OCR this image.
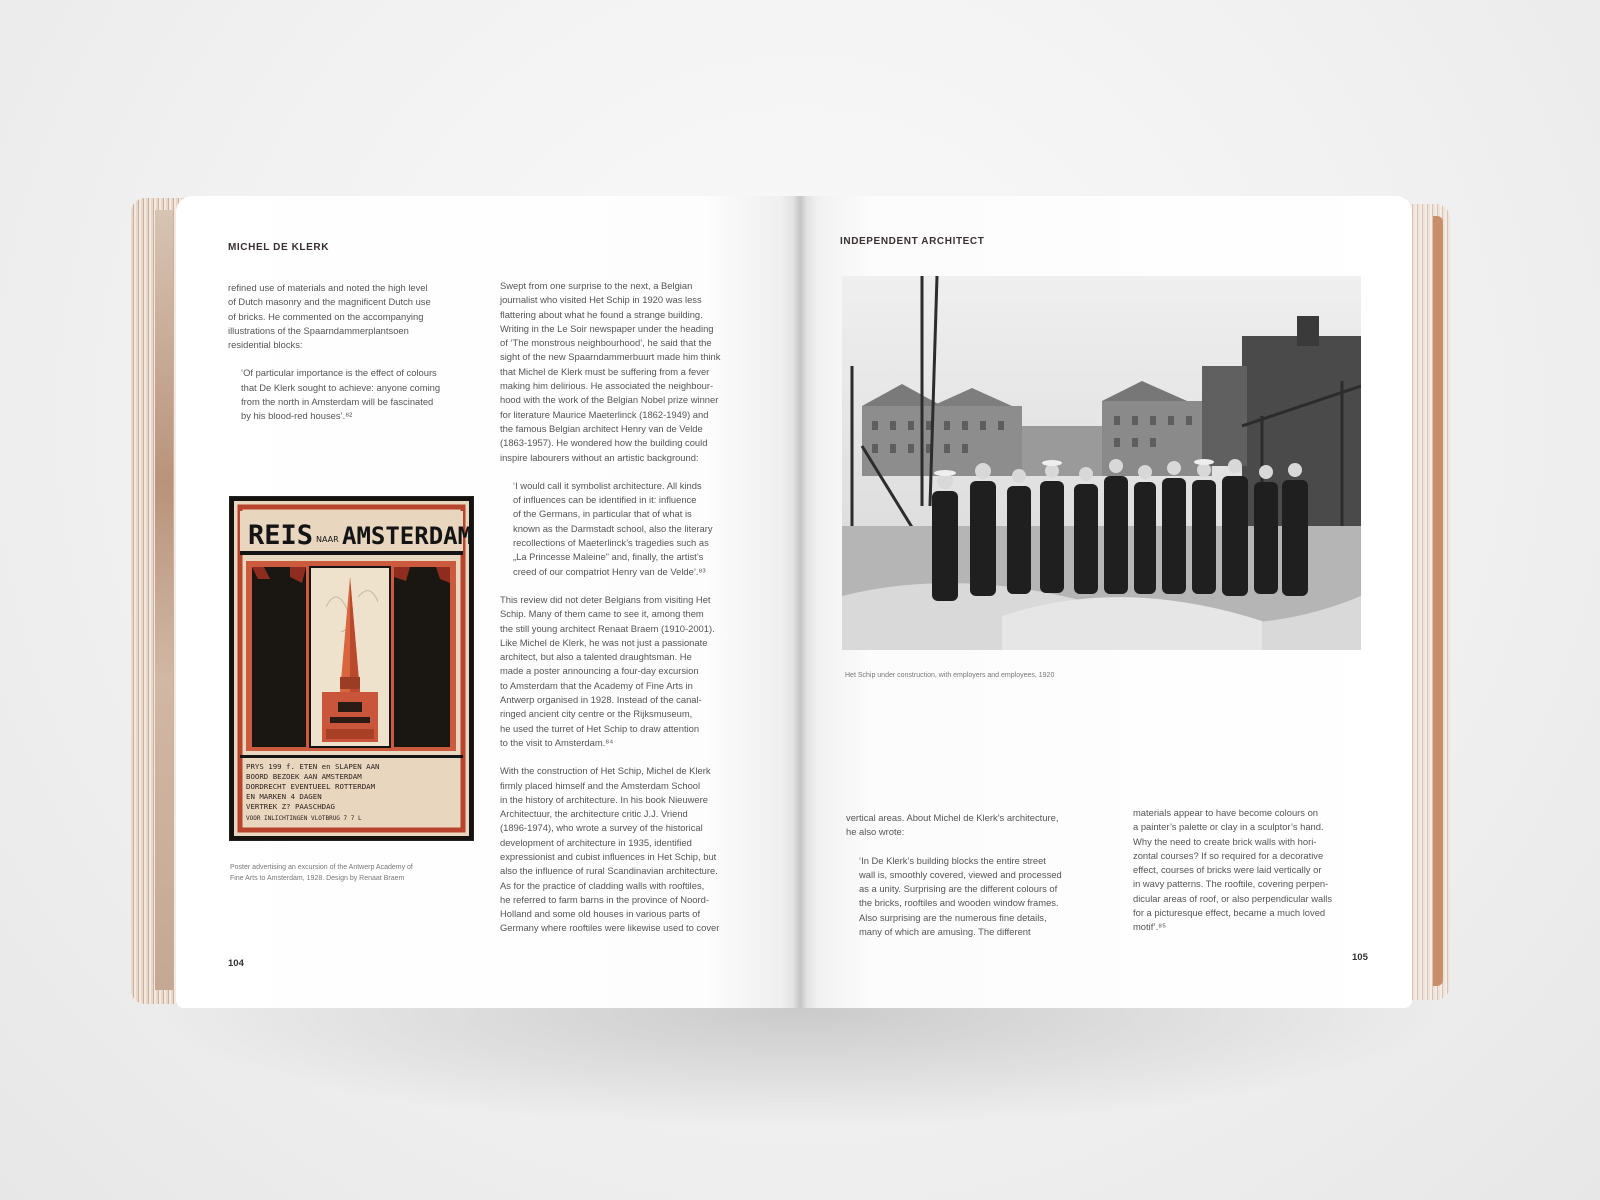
MICHEL DE KLERK

refined use of materials and noted the high level

of Dutch masonry and the magnificent Dutch use

of bricks. He commented on the accompanying

illustrations of the Spaarndammerplantsoen

residential blocks:

‘Of particular importance is the effect of colours

that De Klerk sought to achieve: anyone coming

from the north in Amsterdam will be fascinated

by his blood-red houses’.⁸²

REIS NAAR AMSTERDAM
PRYS 199 f. ETEN en SLAPEN AAN
BOORD BEZOEK AAN AMSTERDAM
DORDRECHT EVENTUEEL ROTTERDAM
EN MARKEN 4 DAGEN
VERTREK Z? PAASCHDAG
VOOR INLICHTINGEN VLOTBRUG 7 7 L
Poster advertising an excursion of the Antwerp Academy of
Fine Arts to Amsterdam, 1928. Design by Renaat Braem
104

Swept from one surprise to the next, a Belgian

journalist who visited Het Schip in 1920 was less

flattering about what he found a strange building.

Writing in the Le Soir newspaper under the heading

of ‘The monstrous neighbourhood’, he said that the

sight of the new Spaarndammerbuurt made him think

that Michel de Klerk must be suffering from a fever

making him delirious. He associated the neighbour-

hood with the work of the Belgian Nobel prize winner

for literature Maurice Maeterlinck (1862-1949) and

the famous Belgian architect Henry van de Velde

(1863-1957). He wondered how the building could

inspire labourers without an artistic background:

‘I would call it symbolist architecture. All kinds

of influences can be identified in it: influence

of the Germans, in particular that of what is

known as the Darmstadt school, also the literary

recollections of Maeterlinck’s tragedies such as

„La Princesse Maleine” and, finally, the artist’s

creed of our compatriot Henry van de Velde’.⁸³

This review did not deter Belgians from visiting Het

Schip. Many of them came to see it, among them

the still young architect Renaat Braem (1910-2001).

Like Michel de Klerk, he was not just a passionate

architect, but also a talented draughtsman. He

made a poster announcing a four-day excursion

to Amsterdam that the Academy of Fine Arts in

Antwerp organised in 1928. Instead of the canal-

ringed ancient city centre or the Rijksmuseum,

he used the turret of Het Schip to draw attention

to the visit to Amsterdam.⁸⁴

With the construction of Het Schip, Michel de Klerk

firmly placed himself and the Amsterdam School

in the history of architecture. In his book Nieuwere

Architectuur, the architecture critic J.J. Vriend

(1896-1974), who wrote a survey of the historical

development of architecture in 1935, identified

expressionist and cubist influences in Het Schip, but

also the influence of rural Scandinavian architecture.

As for the practice of cladding walls with rooftiles,

he referred to farm barns in the province of Noord-

Holland and some old houses in various parts of

Germany where rooftiles were likewise used to cover

INDEPENDENT ARCHITECT
Het Schip under construction, with employers and employees, 1920

vertical areas. About Michel de Klerk’s architecture,

he also wrote:

‘In De Klerk’s building blocks the entire street

wall is, smoothly covered, viewed and processed

as a unity. Surprising are the different colours of

the bricks, rooftiles and wooden window frames.

Also surprising are the numerous fine details,

many of which are amusing. The different

materials appear to have become colours on

a painter’s palette or clay in a sculptor’s hand.

Why the need to create brick walls with hori-

zontal courses? If so required for a decorative

effect, courses of bricks were laid vertically or

in wavy patterns. The rooftile, covering perpen-

dicular areas of roof, or also perpendicular walls

for a picturesque effect, became a much loved

motif’.⁸⁵

105
